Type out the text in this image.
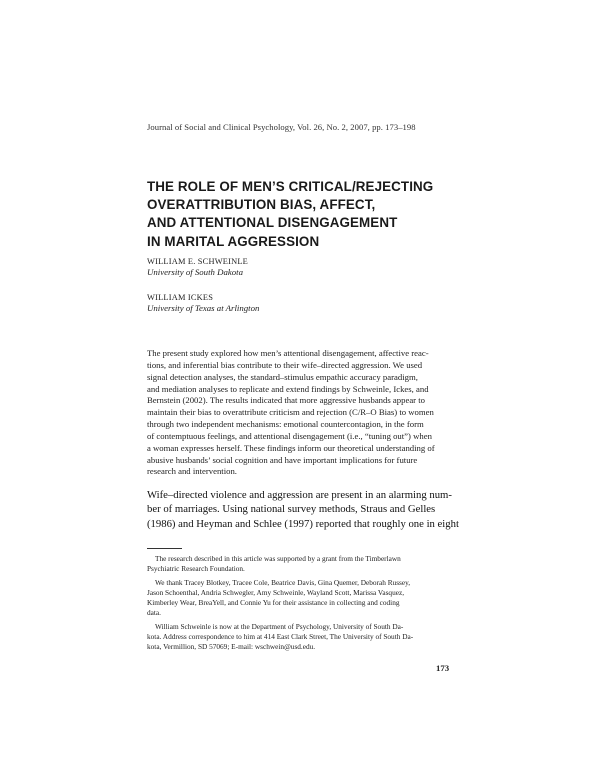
Journal of Social and Clinical Psychology, Vol. 26, No. 2, 2007, pp. 173–198
THE ROLE OF MEN’S CRITICAL/REJECTING
OVERATTRIBUTION BIAS, AFFECT,
AND ATTENTIONAL DISENGAGEMENT
IN MARITAL AGGRESSION
WILLIAM E. SCHWEINLE
University of South Dakota
WILLIAM ICKES
University of Texas at Arlington
The present study explored how men’s attentional disengagement, affective reac-
tions, and inferential bias contribute to their wife–directed aggression. We used
signal detection analyses, the standard–stimulus empathic accuracy paradigm,
and mediation analyses to replicate and extend findings by Schweinle, Ickes, and
Bernstein (2002). The results indicated that more aggressive husbands appear to
maintain their bias to overattribute criticism and rejection (C/R–O Bias) to women
through two independent mechanisms: emotional countercontagion, in the form
of contemptuous feelings, and attentional disengagement (i.e., “tuning out”) when
a woman expresses herself. These findings inform our theoretical understanding of
abusive husbands’ social cognition and have important implications for future
research and intervention.
Wife–directed violence and aggression are present in an alarming num-
ber of marriages. Using national survey methods, Straus and Gelles
(1986) and Heyman and Schlee (1997) reported that roughly one in eight
The research described in this article was supported by a grant from the Timberlawn
Psychiatric Research Foundation.
We thank Tracey Blotkey, Tracee Cole, Beatrice Davis, Gina Quemer, Deborah Russey,
Jason Schoenthal, Andria Schwegler, Amy Schweinle, Wayland Scott, Marissa Vasquez,
Kimberley Wear, BreaYell, and Connie Yu for their assistance in collecting and coding
data.
William Schweinle is now at the Department of Psychology, University of South Da-
kota. Address correspondence to him at 414 East Clark Street, The University of South Da-
kota, Vermillion, SD 57069; E-mail: wschwein@usd.edu.
173
